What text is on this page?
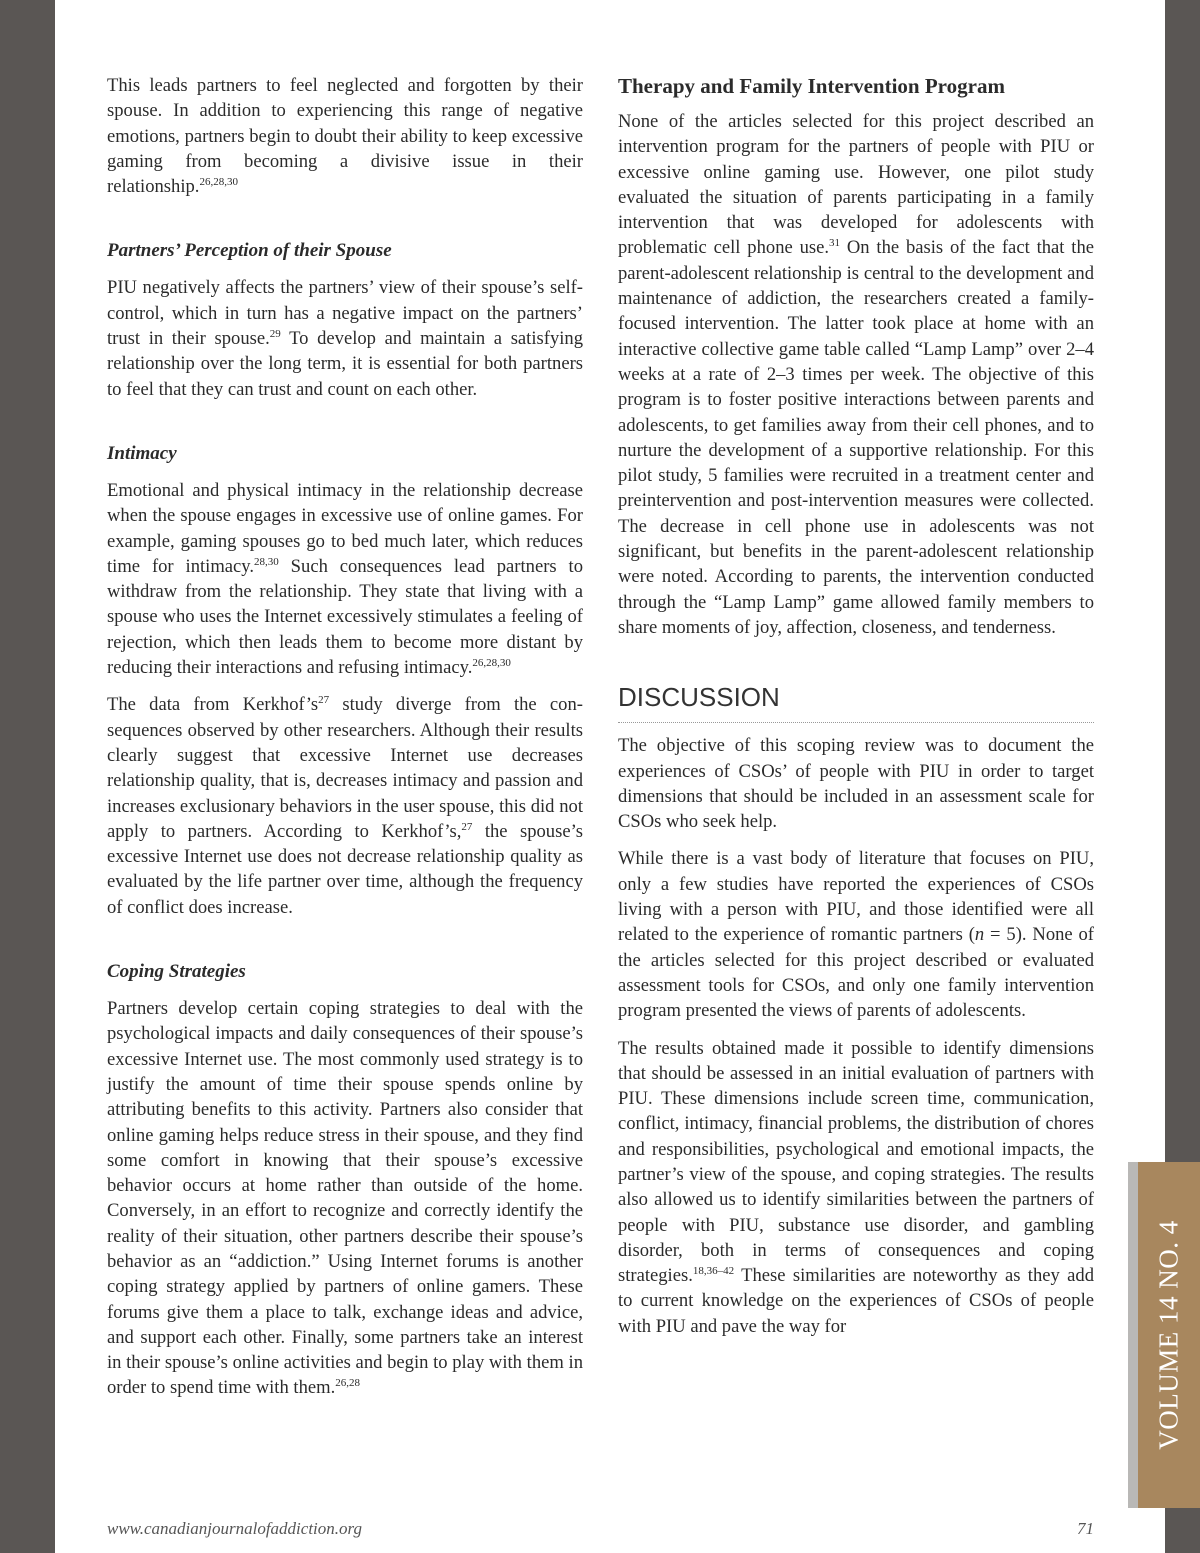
VOLUME 14 NO. 4

This leads partners to feel neglected and forgotten by their spouse. In addition to experiencing this range of negative emotions, partners begin to doubt their ability to keep excessive gaming from becoming a divisive issue in their relationship.$^{26,28,30}$

Partners’ Perception of their Spouse

PIU negatively affects the partners’ view of their spouse’s self-control, which in turn has a negative impact on the partners’ trust in their spouse.$^{29}$ To develop and maintain a satisfying relationship over the long term, it is essential for both partners to feel that they can trust and count on each other.

Intimacy

Emotional and physical intimacy in the relationship decrease when the spouse engages in excessive use of online games. For example, gaming spouses go to bed much later, which reduces time for intimacy.$^{28,30}$ Such consequences lead partners to withdraw from the relationship. They state that living with a spouse who uses the Internet excessively stimulates a feeling of rejection, which then leads them to become more distant by reducing their interactions and refusing intimacy.$^{26,28,30}$

The data from $Kerkhof’s^{27}$ study diverge from the consequences observed by other researchers. Although their results clearly suggest that excessive Internet use decreases relationship quality, that is, decreases intimacy and passion and increases exclusionary behaviors in the user spouse, this did not apply to partners. According to Kerkhof’s,$^{27}$ the spouse’s excessive Internet use does not decrease relationship quality as evaluated by the life partner over time, although the frequency of conflict does increase.

Coping Strategies

Partners develop certain coping strategies to deal with the psychological impacts and daily consequences of their spouse’s excessive Internet use. The most commonly used strategy is to justify the amount of time their spouse spends online by attributing benefits to this activity. Partners also consider that online gaming helps reduce stress in their spouse, and they find some comfort in knowing that their spouse’s excessive behavior occurs at home rather than outside of the home. Conversely, in an effort to recognize and correctly identify the reality of their situation, other partners describe their spouse’s behavior as an “addiction.” Using Internet forums is another coping strategy applied by partners of online gamers. These forums give them a place to talk, exchange ideas and advice, and support each other. Finally, some partners take an interest in their spouse’s online activities and begin to play with them in order to spend time with them.$^{26,28}$

Therapy and Family Intervention Program

None of the articles selected for this project described an intervention program for the partners of people with PIU or excessive online gaming use. However, one pilot study evaluated the situation of parents participating in a family intervention that was developed for adolescents with problematic cell phone use.$^{31}$ On the basis of the fact that the parent-adolescent relationship is central to the development and maintenance of addiction, the researchers created a family-focused intervention. The latter took place at home with an interactive collective game table called “Lamp Lamp” over 2–4 weeks at a rate of 2–3 times per week. The objective of this program is to foster positive interactions between parents and adolescents, to get families away from their cell phones, and to nurture the development of a supportive relationship. For this pilot study, 5 families were recruited in a treatment center and preintervention and post-intervention measures were collected. The decrease in cell phone use in adolescents was not significant, but benefits in the parent-adolescent relationship were noted. According to parents, the intervention conducted through the “Lamp Lamp” game allowed family members to share moments of joy, affection, closeness, and tenderness.

DISCUSSION

The objective of this scoping review was to document the experiences of CSOs’ of people with PIU in order to target dimensions that should be included in an assessment scale for CSOs who seek help.

While there is a vast body of literature that focuses on PIU, only a few studies have reported the experiences of CSOs living with a person with PIU, and those identified were all related to the experience of romantic partners (n = 5). None of the articles selected for this project described or evaluated assessment tools for CSOs, and only one family intervention program presented the views of parents of adolescents.

The results obtained made it possible to identify dimensions that should be assessed in an initial evaluation of partners with PIU. These dimensions include screen time, communication, conflict, intimacy, financial problems, the distribution of chores and responsibilities, psychological and emotional impacts, the partner’s view of the spouse, and coping strategies. The results also allowed us to identify similarities between the partners of people with PIU, substance use disorder, and gambling disorder, both in terms of consequences and coping strategies.$^{18,36-42}$ These similarities are noteworthy as they add to current knowledge on the experiences of CSOs of people with PIU and pave the way for

www.canadianjournalofaddiction.org	71
